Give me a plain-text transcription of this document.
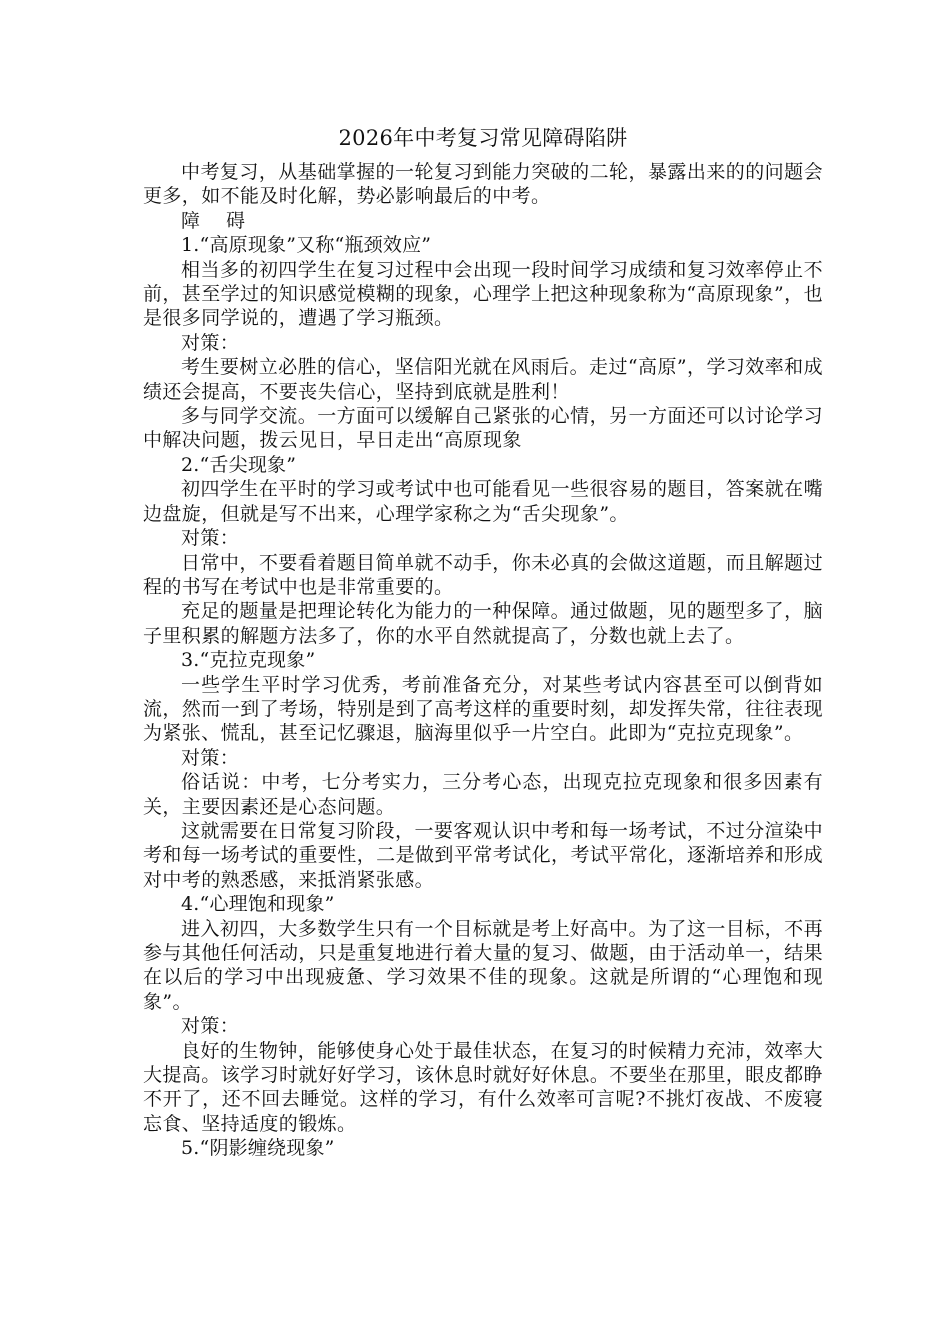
2026年中考复习常见障碍陷阱

中考复习，从基础掌握的一轮复习到能力突破的二轮，暴露出来的的问题会更多，如不能及时化解，势必影响最后的中考。

障 碍

1.“高原现象”又称“瓶颈效应”

相当多的初四学生在复习过程中会出现一段时间学习成绩和复习效率停止不前，甚至学过的知识感觉模糊的现象，心理学上把这种现象称为“高原现象”，也是很多同学说的，遭遇了学习瓶颈。

对策：

考生要树立必胜的信心，坚信阳光就在风雨后。走过“高原”，学习效率和成绩还会提高，不要丧失信心，坚持到底就是胜利！

多与同学交流。一方面可以缓解自己紧张的心情，另一方面还可以讨论学习中解决问题，拨云见日，早日走出“高原现象

2.“舌尖现象”

初四学生在平时的学习或考试中也可能看见一些很容易的题目，答案就在嘴边盘旋，但就是写不出来，心理学家称之为“舌尖现象”。

对策：

日常中，不要看着题目简单就不动手，你未必真的会做这道题，而且解题过程的书写在考试中也是非常重要的。

充足的题量是把理论转化为能力的一种保障。通过做题，见的题型多了，脑子里积累的解题方法多了，你的水平自然就提高了，分数也就上去了。

3.“克拉克现象”

一些学生平时学习优秀，考前准备充分，对某些考试内容甚至可以倒背如流，然而一到了考场，特别是到了高考这样的重要时刻，却发挥失常，往往表现为紧张、慌乱，甚至记忆骤退，脑海里似乎一片空白。此即为“克拉克现象”。

对策：

俗话说：中考，七分考实力，三分考心态，出现克拉克现象和很多因素有关，主要因素还是心态问题。

这就需要在日常复习阶段，一要客观认识中考和每一场考试，不过分渲染中考和每一场考试的重要性，二是做到平常考试化，考试平常化，逐渐培养和形成对中考的熟悉感，来抵消紧张感。

4.“心理饱和现象”

进入初四，大多数学生只有一个目标就是考上好高中。为了这一目标，不再参与其他任何活动，只是重复地进行着大量的复习、做题，由于活动单一，结果在以后的学习中出现疲惫、学习效果不佳的现象。这就是所谓的“心理饱和现象”。

对策：

良好的生物钟，能够使身心处于最佳状态，在复习的时候精力充沛，效率大大提高。该学习时就好好学习，该休息时就好好休息。不要坐在那里，眼皮都睁不开了，还不回去睡觉。这样的学习，有什么效率可言呢?不挑灯夜战、不废寝忘食、坚持适度的锻炼。

5.“阴影缠绕现象”
